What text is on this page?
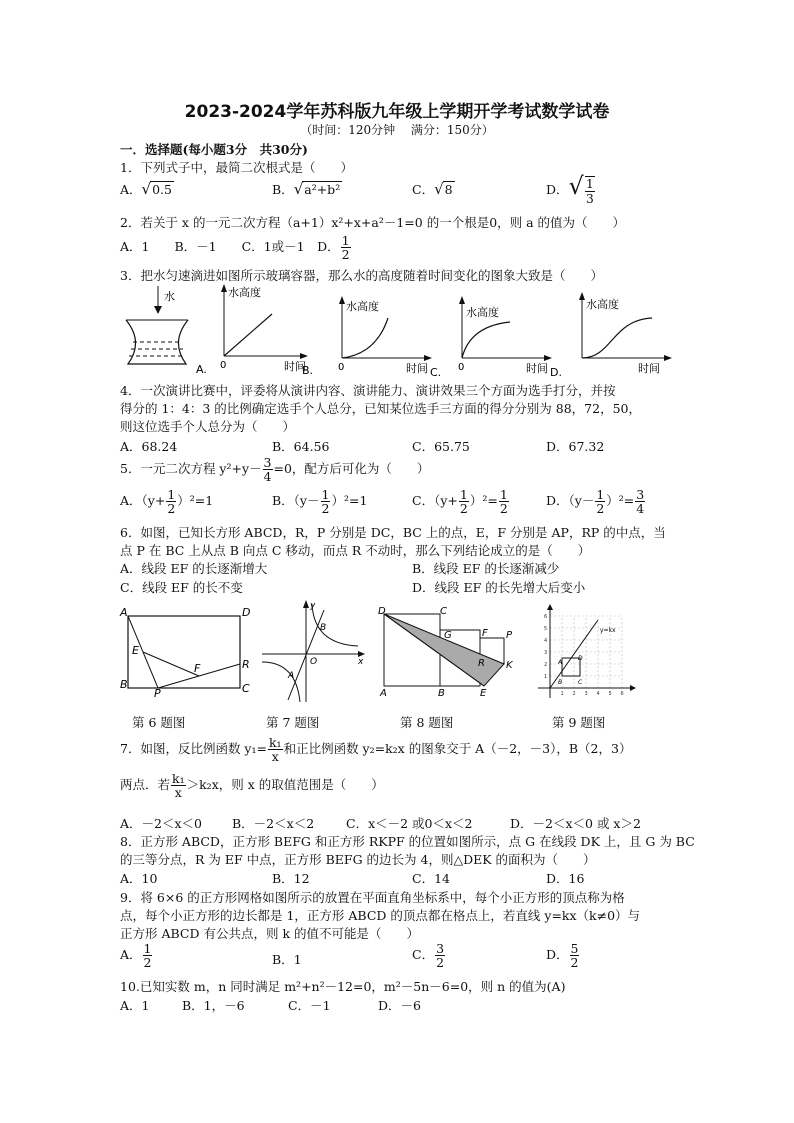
2023-2024学年苏科版九年级上学期开学考试数学试卷
（时间：120分钟　 满分：150分）
一．选择题(每小题3分　共30分)
1．下列式子中，最简二次根式是（　　）
A．√0.5	B．√a²+b²	C．√8	D．√ $\frac{1}{3}$
2．若关于 x 的一元二次方程（a+1）x²+x+a²－1=0 的一个根是0，则 a 的值为（　　）
A．1　　B．－1　　C．1或－1　D． $\frac{1}{2}$
3．把水匀速滴进如图所示玻璃容器，那么水的高度随着时间变化的图象大致是（　　）
水
A.
水高度
0	时间
B.
水高度
0	时间 C.
水高度
0	时间 D.
水高度
时间
4．一次演讲比赛中，评委将从演讲内容、演讲能力、演讲效果三个方面为选手打分，并按
得分的 1：4：3 的比例确定选手个人总分，已知某位选手三方面的得分分别为 88，72，50，
则这位选手个人总分为（　　）
A．68.24	B．64.56	C．65.75	D．67.32
5．一元二次方程 $y^2+y- \frac{3}{4} =0$，配方后可化为（　　）
A．$(y+ \frac{1}{2} )^2=1$	B．$(y- \frac{1}{2} )^2=1$	C．$(y+ \frac{1}{2} )^2= \frac{1}{2}$	D．$(y- \frac{1}{2} )^2= \frac{3}{4}$
6．如图，已知长方形 ABCD，R，P 分别是 DC，BC 上的点，E，F 分别是 AP，RP 的中点，当
点 P 在 BC 上从点 B 向点 C 移动，而点 R 不动时，那么下列结论成立的是（　　）
A．线段 EF 的长逐渐增大	B．线段 EF 的长逐渐减少
C．线段 EF 的长不变	D．线段 EF 的长先增大后变小
A	D
B	C
R
P
E
F
y
x
O
B
A
D	C
G	F P
R K
A	B	E
y=kx
B	C
A
D
1
1
2
2
3
3
4
4
5
5
6
6
第 6 题图	第 7 题图	第 8 题图	第 9 题图
7．如图，反比例函数 $y_1= \frac{\text{k₁}}{x}$ 和正比例函数 y₂=k₂x 的图象交于 A（－2，－3），B（2，3）
两点．若 $\frac{\text{k₁}}{x} >k_2x$，则 x 的取值范围是（　　）
A．－2＜x＜0 B．－2＜x＜2	C．x＜－2 或0＜x＜2	D．－2＜x＜0 或 x＞2
8．正方形 ABCD，正方形 BEFG 和正方形 RKPF 的位置如图所示，点 G 在线段 DK 上，且 G 为 BC
的三等分点，R 为 EF 中点，正方形 BEFG 的边长为 4，则△DEK 的面积为（　　）
A．10	B．12	C．14	D．16
9．将 6×6 的正方形网格如图所示的放置在平面直角坐标系中，每个小正方形的顶点称为格
点，每个小正方形的边长都是 1，正方形 ABCD 的顶点都在格点上，若直线 y=kx（k≠0）与
正方形 ABCD 有公共点，则 k 的值不可能是（　　）
A． $\frac{1}{2}$	B．1	C． $\frac{3}{2}$	D． $\frac{5}{2}$
10.已知实数 m，n 同时满足 m²+n²－12=0，m²－5n－6=0，则 n 的值为(A)
A．1	B．1，－6	C．－1	D．－6
